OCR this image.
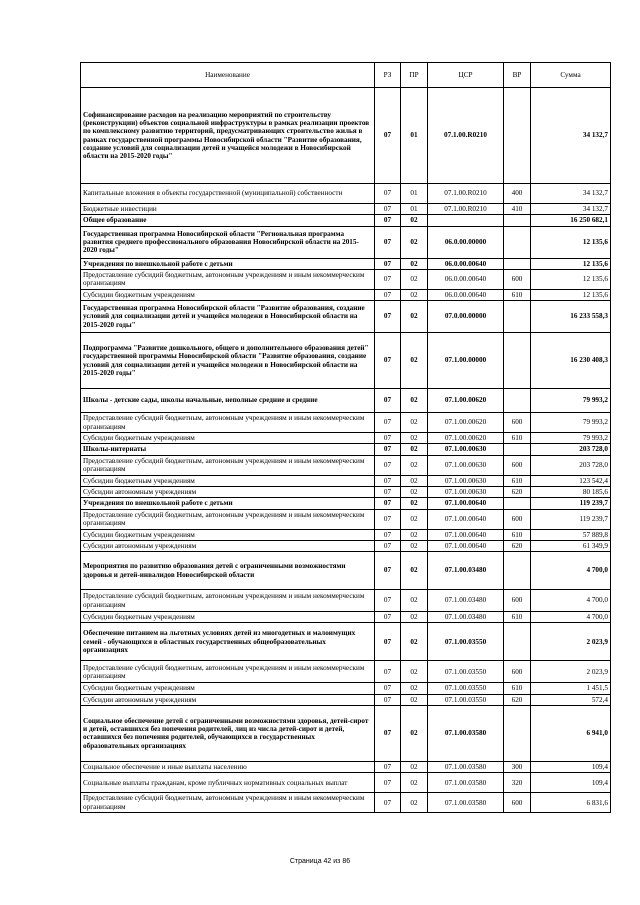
Наименование	РЗ	ПР	ЦСР	ВР	Сумма
Софинансирование расходов на реализацию мероприятий по строительству (реконструкции) объектов социальной инфраструктуры в рамках реализации проектов по комплексному развитию территорий, предусматривающих строительство жилья в рамках государственной программы Новосибирской области "Развитие образования, создание условий для социализации детей и учащейся молодежи в Новосибирской области на 2015-2020 годы"	07	01	07.1.00.R0210		34 132,7
Капитальные вложения в объекты государственной (муниципальной) собственности	07	01	07.1.00.R0210	400	34 132,7
Бюджетные инвестиции	07	01	07.1.00.R0210	410	34 132,7
Общее образование	07	02			16 250 682,1
Государственная программа Новосибирской области "Региональная программа развития среднего профессионального образования Новосибирской области на 2015-2020 годы"	07	02	06.0.00.00000		12 135,6
Учреждения по внешкольной работе с детьми	07	02	06.0.00.00640		12 135,6
Предоставление субсидий бюджетным, автономным учреждениям и иным некоммерческим организациям	07	02	06.0.00.00640	600	12 135,6
Субсидии бюджетным учреждениям	07	02	06.0.00.00640	610	12 135,6
Государственная программа Новосибирской области "Развитие образования, создание условий для социализации детей и учащейся молодежи в Новосибирской области на 2015-2020 годы"	07	02	07.0.00.00000		16 233 558,3
Подпрограмма "Развитие дошкольного, общего и дополнительного образования детей" государственной программы Новосибирской области "Развитие образования, создание условий для социализации детей и учащейся молодежи в Новосибирской области на 2015-2020 годы"	07	02	07.1.00.00000		16 230 408,3
Школы - детские сады, школы начальные, неполные средние и средние	07	02	07.1.00.00620		79 993,2
Предоставление субсидий бюджетным, автономным учреждениям и иным некоммерческим организациям	07	02	07.1.00.00620	600	79 993,2
Субсидии бюджетным учреждениям	07	02	07.1.00.00620	610	79 993,2
Школы-интернаты	07	02	07.1.00.00630		203 728,0
Предоставление субсидий бюджетным, автономным учреждениям и иным некоммерческим организациям	07	02	07.1.00.00630	600	203 728,0
Субсидии бюджетным учреждениям	07	02	07.1.00.00630	610	123 542,4
Субсидии автономным учреждениям	07	02	07.1.00.00630	620	80 185,6
Учреждения по внешкольной работе с детьми	07	02	07.1.00.00640		119 239,7
Предоставление субсидий бюджетным, автономным учреждениям и иным некоммерческим организациям	07	02	07.1.00.00640	600	119 239,7
Субсидии бюджетным учреждениям	07	02	07.1.00.00640	610	57 889,8
Субсидии автономным учреждениям	07	02	07.1.00.00640	620	61 349,9
Мероприятия по развитию образования детей с ограниченными возможностями здоровья и детей-инвалидов Новосибирской области	07	02	07.1.00.03480		4 700,0
Предоставление субсидий бюджетным, автономным учреждениям и иным некоммерческим организациям	07	02	07.1.00.03480	600	4 700,0
Субсидии бюджетным учреждениям	07	02	07.1.00.03480	610	4 700,0
Обеспечение питанием на льготных условиях детей из многодетных и малоимущих семей - обучающихся в областных государственных общеобразовательных организациях	07	02	07.1.00.03550		2 023,9
Предоставление субсидий бюджетным, автономным учреждениям и иным некоммерческим организациям	07	02	07.1.00.03550	600	2 023,9
Субсидии бюджетным учреждениям	07	02	07.1.00.03550	610	1 451,5
Субсидии автономным учреждениям	07	02	07.1.00.03550	620	572,4
Социальное обеспечение детей с ограниченными возможностями здоровья, детей-сирот и детей, оставшихся без попечения родителей, лиц из числа детей-сирот и детей, оставшихся без попечения родителей, обучающихся в государственных образовательных организациях	07	02	07.1.00.03580		6 941,0
Социальное обеспечение и иные выплаты населению	07	02	07.1.00.03580	300	109,4
Социальные выплаты гражданам, кроме публичных нормативных социальных выплат	07	02	07.1.00.03580	320	109,4
Предоставление субсидий бюджетным, автономным учреждениям и иным некоммерческим организациям	07	02	07.1.00.03580	600	6 831,6
Страница 42 из 86
